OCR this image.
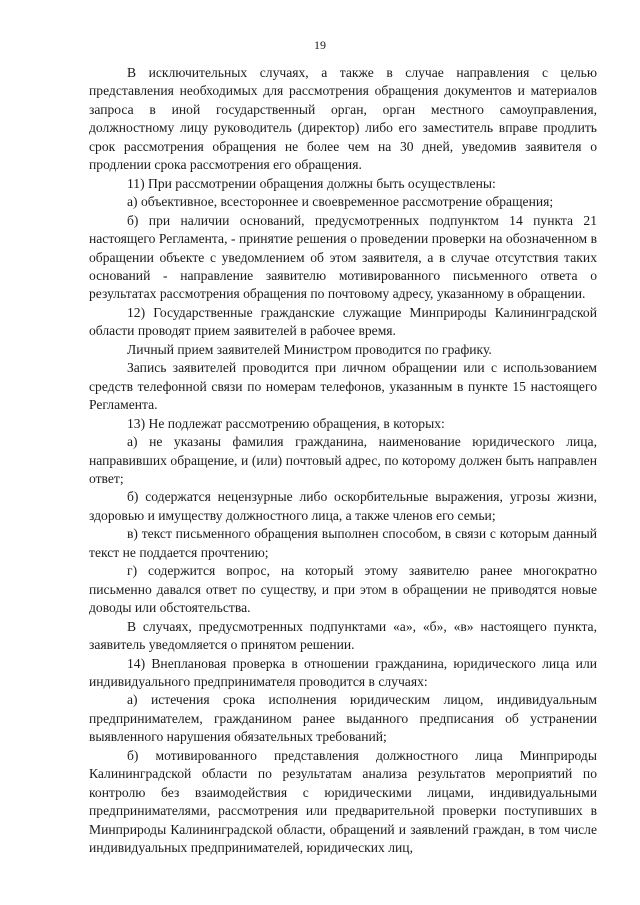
19

В исключительных случаях, а также в случае направления с целью представления необходимых для рассмотрения обращения документов и материалов запроса в иной государственный орган, орган местного самоуправления, должностному лицу руководитель (директор) либо его заместитель вправе продлить срок рассмотрения обращения не более чем на 30 дней, уведомив заявителя о продлении срока рассмотрения его обращения.

11) При рассмотрении обращения должны быть осуществлены:

а) объективное, всестороннее и своевременное рассмотрение обращения;

б) при наличии оснований, предусмотренных подпунктом 14 пункта 21 настоящего Регламента, - принятие решения о проведении проверки на обозначенном в обращении объекте с уведомлением об этом заявителя, а в случае отсутствия таких оснований - направление заявителю мотивированного письменного ответа о результатах рассмотрения обращения по почтовому адресу, указанному в обращении.

12) Государственные гражданские служащие Минприроды Калининградской области проводят прием заявителей в рабочее время.

Личный прием заявителей Министром проводится по графику.

Запись заявителей проводится при личном обращении или с использованием средств телефонной связи по номерам телефонов, указанным в пункте 15 настоящего Регламента.

13) Не подлежат рассмотрению обращения, в которых:

а) не указаны фамилия гражданина, наименование юридического лица, направивших обращение, и (или) почтовый адрес, по которому должен быть направлен ответ;

б) содержатся нецензурные либо оскорбительные выражения, угрозы жизни, здоровью и имуществу должностного лица, а также членов его семьи;

в) текст письменного обращения выполнен способом, в связи с которым данный текст не поддается прочтению;

г) содержится вопрос, на который этому заявителю ранее многократно письменно давался ответ по существу, и при этом в обращении не приводятся новые доводы или обстоятельства.

В случаях, предусмотренных подпунктами «а», «б», «в» настоящего пункта, заявитель уведомляется о принятом решении.

14) Внеплановая проверка в отношении гражданина, юридического лица или индивидуального предпринимателя проводится в случаях:

а) истечения срока исполнения юридическим лицом, индивидуальным предпринимателем, гражданином ранее выданного предписания об устранении выявленного нарушения обязательных требований;

б) мотивированного представления должностного лица Минприроды Калининградской области по результатам анализа результатов мероприятий по контролю без взаимодействия с юридическими лицами, индивидуальными предпринимателями, рассмотрения или предварительной проверки поступивших в Минприроды Калининградской области, обращений и заявлений граждан, в том числе индивидуальных предпринимателей, юридических лиц,
